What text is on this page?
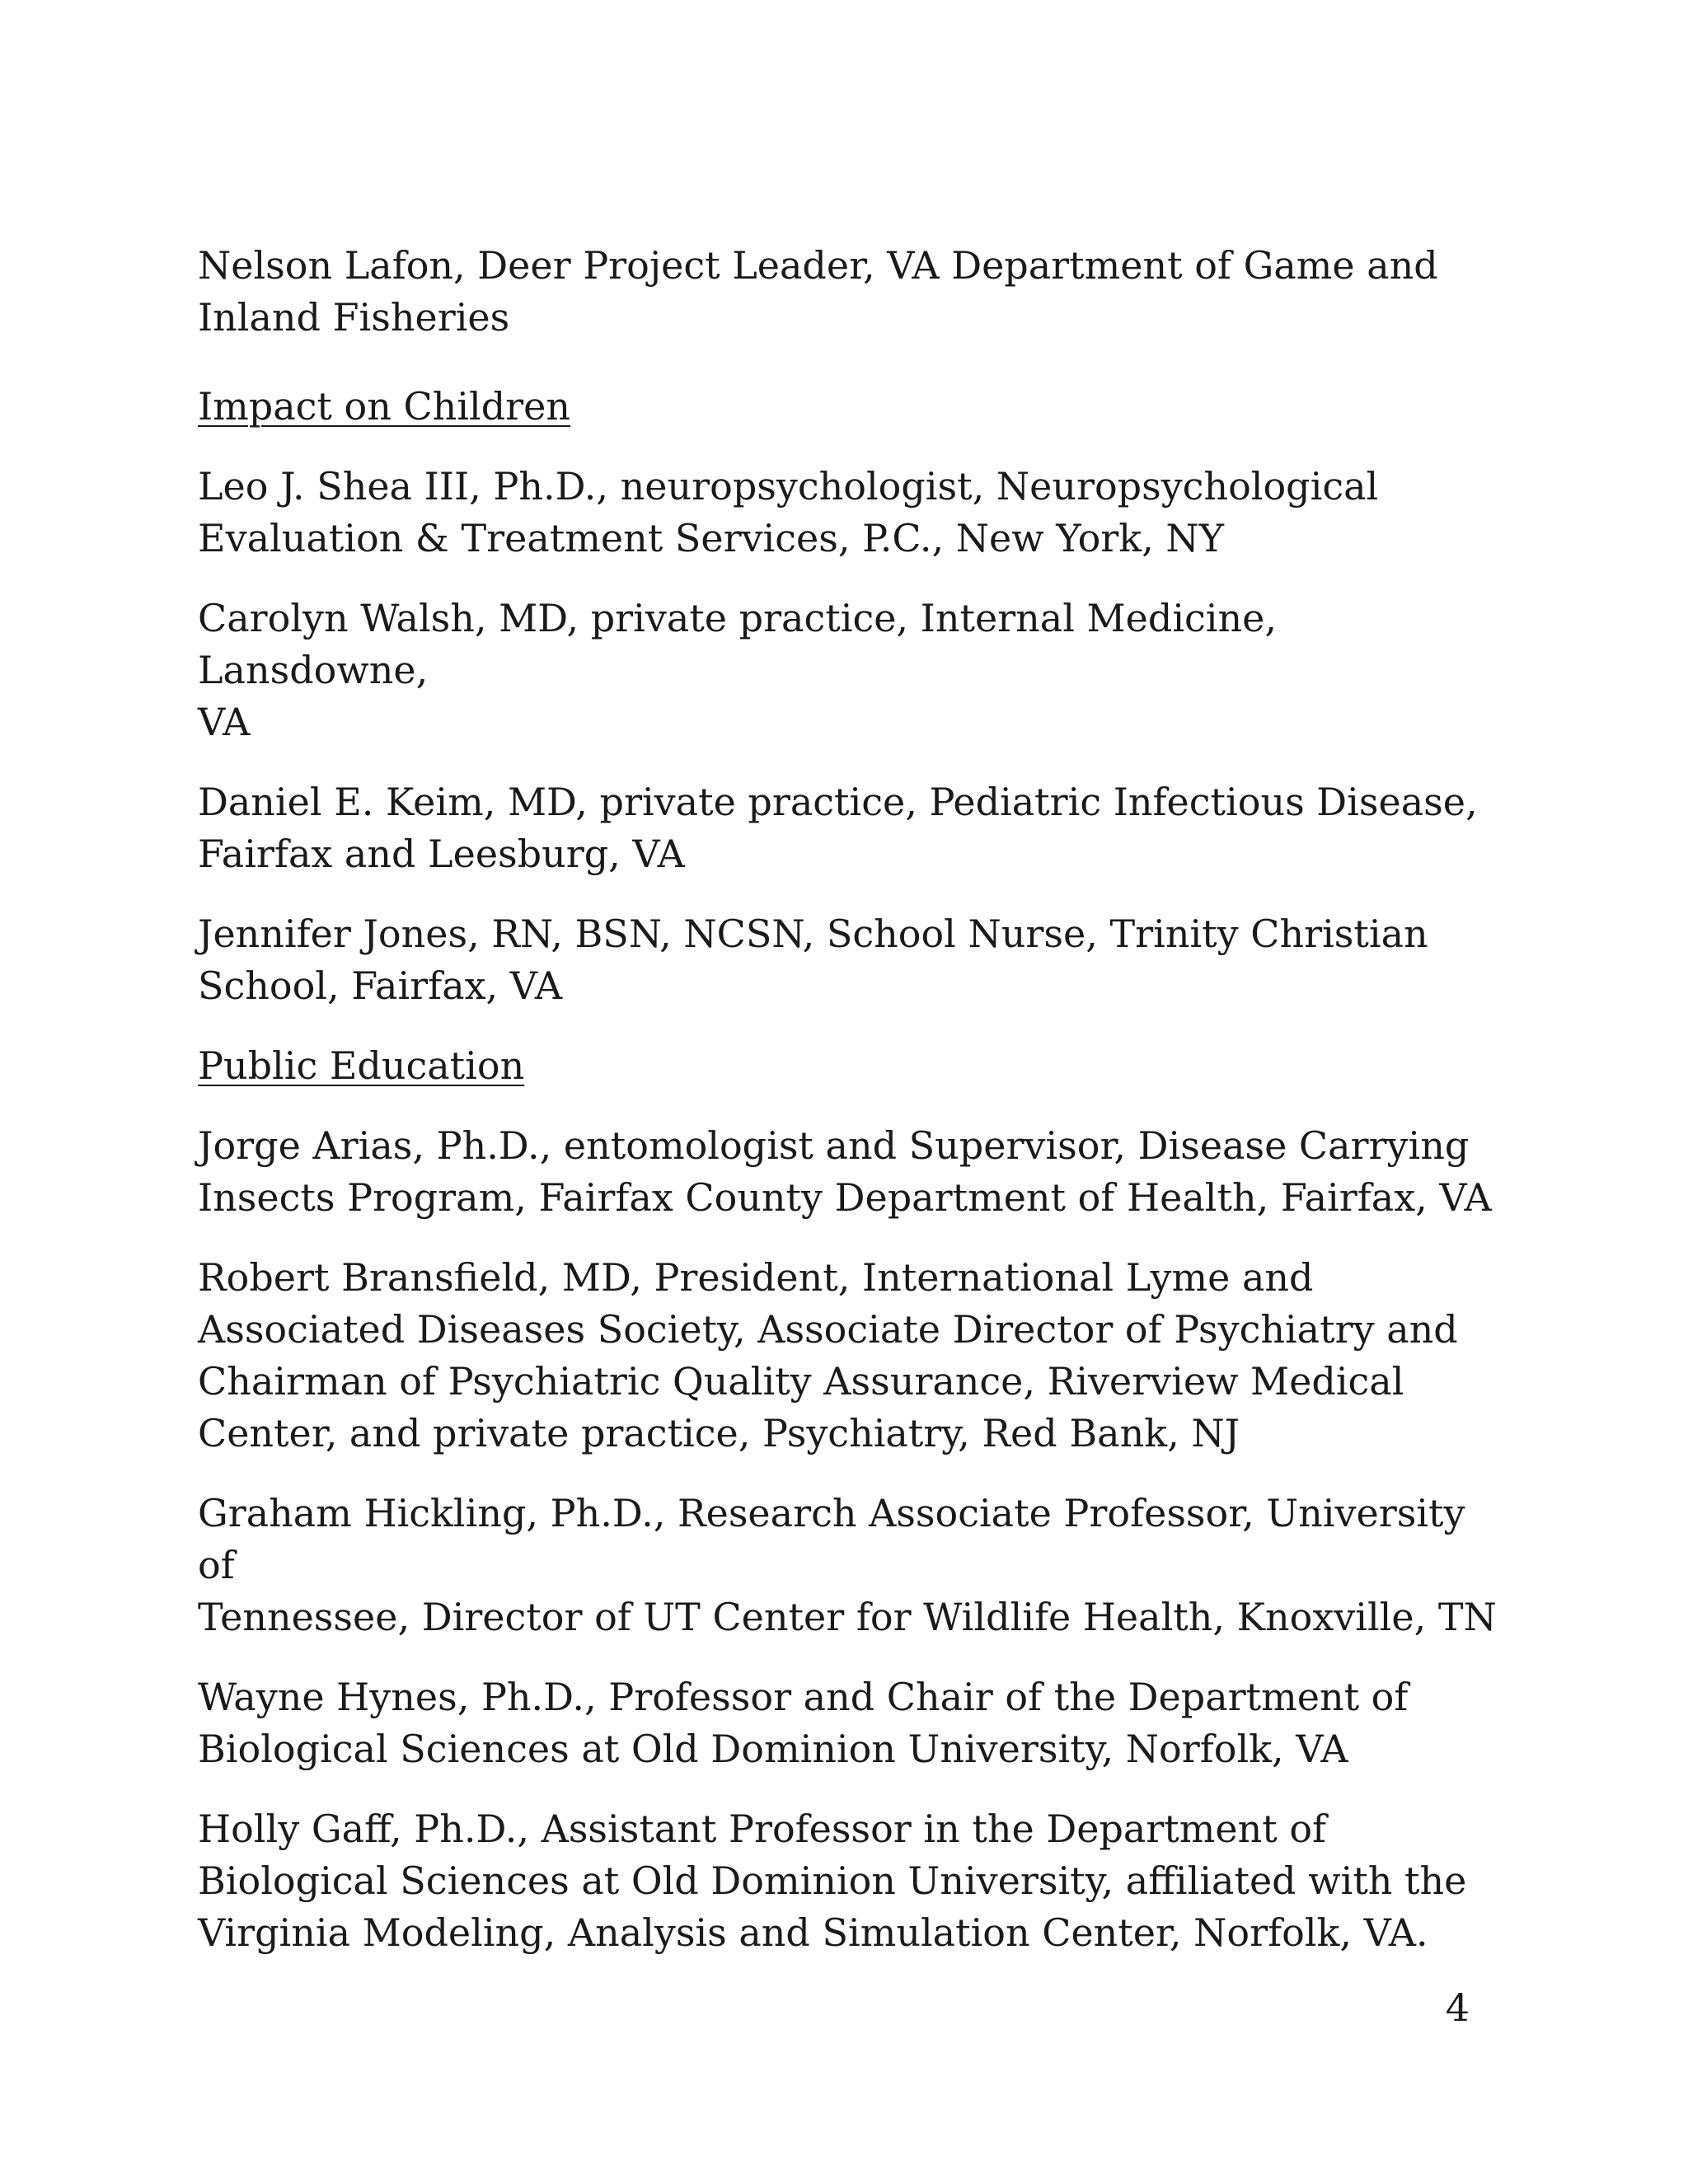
Nelson Lafon, Deer Project Leader, VA Department of Game and
Inland Fisheries

Impact on Children

Leo J. Shea III, Ph.D., neuropsychologist, Neuropsychological
Evaluation & Treatment Services, P.C., New York, NY

Carolyn Walsh, MD, private practice, Internal Medicine, Lansdowne,
VA

Daniel E. Keim, MD, private practice, Pediatric Infectious Disease,
Fairfax and Leesburg, VA

Jennifer Jones, RN, BSN, NCSN, School Nurse, Trinity Christian
School, Fairfax, VA

Public Education

Jorge Arias, Ph.D., entomologist and Supervisor, Disease Carrying
Insects Program, Fairfax County Department of Health, Fairfax, VA

Robert Bransfield, MD, President, International Lyme and
Associated Diseases Society, Associate Director of Psychiatry and
Chairman of Psychiatric Quality Assurance, Riverview Medical
Center, and private practice, Psychiatry, Red Bank, NJ

Graham Hickling, Ph.D., Research Associate Professor, University of
Tennessee, Director of UT Center for Wildlife Health, Knoxville, TN

Wayne Hynes, Ph.D., Professor and Chair of the Department of
Biological Sciences at Old Dominion University, Norfolk, VA

Holly Gaff, Ph.D., Assistant Professor in the Department of
Biological Sciences at Old Dominion University, affiliated with the
Virginia Modeling, Analysis and Simulation Center, Norfolk, VA.

4
